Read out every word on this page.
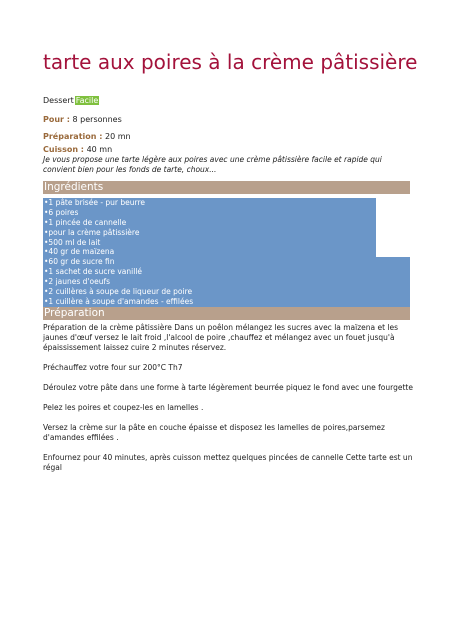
tarte aux poires à la crème pâtissière
Dessert Facile
Pour : 8 personnes
Préparation : 20 mn
Cuisson : 40 mn

Je vous propose une tarte légère aux poires avec une crème pâtissière facile et rapide qui convient bien pour les fonds de tarte, choux...

Ingrédients
•1 pâte brisée - pur beurre
•6 poires
•1 pincée de cannelle
•pour la crème pâtissière
•500 ml de lait
•40 gr de maïzena
•60 gr de sucre fin
•1 sachet de sucre vanillé
•2 jaunes d'oeufs
•2 cuillères à soupe de liqueur de poire
•1 cuillère à soupe d'amandes - effilées
Préparation

Préparation de la crème pâtissière Dans un poêlon mélangez les sucres avec la maïzena et les jaunes d'œuf versez le lait froid ,l'alcool de poire ,chauffez et mélangez avec un fouet jusqu'à épaississement laissez cuire 2 minutes réservez.

Préchauffez votre four sur 200°C Th7

Déroulez votre pâte dans une forme à tarte légèrement beurrée piquez le fond avec une fourgette

Pelez les poires et coupez-les en lamelles .

Versez la crème sur la pâte en couche épaisse et disposez les lamelles de poires,parsemez d'amandes effilées .

Enfournez pour 40 minutes, après cuisson mettez quelques pincées de cannelle Cette tarte est un régal
